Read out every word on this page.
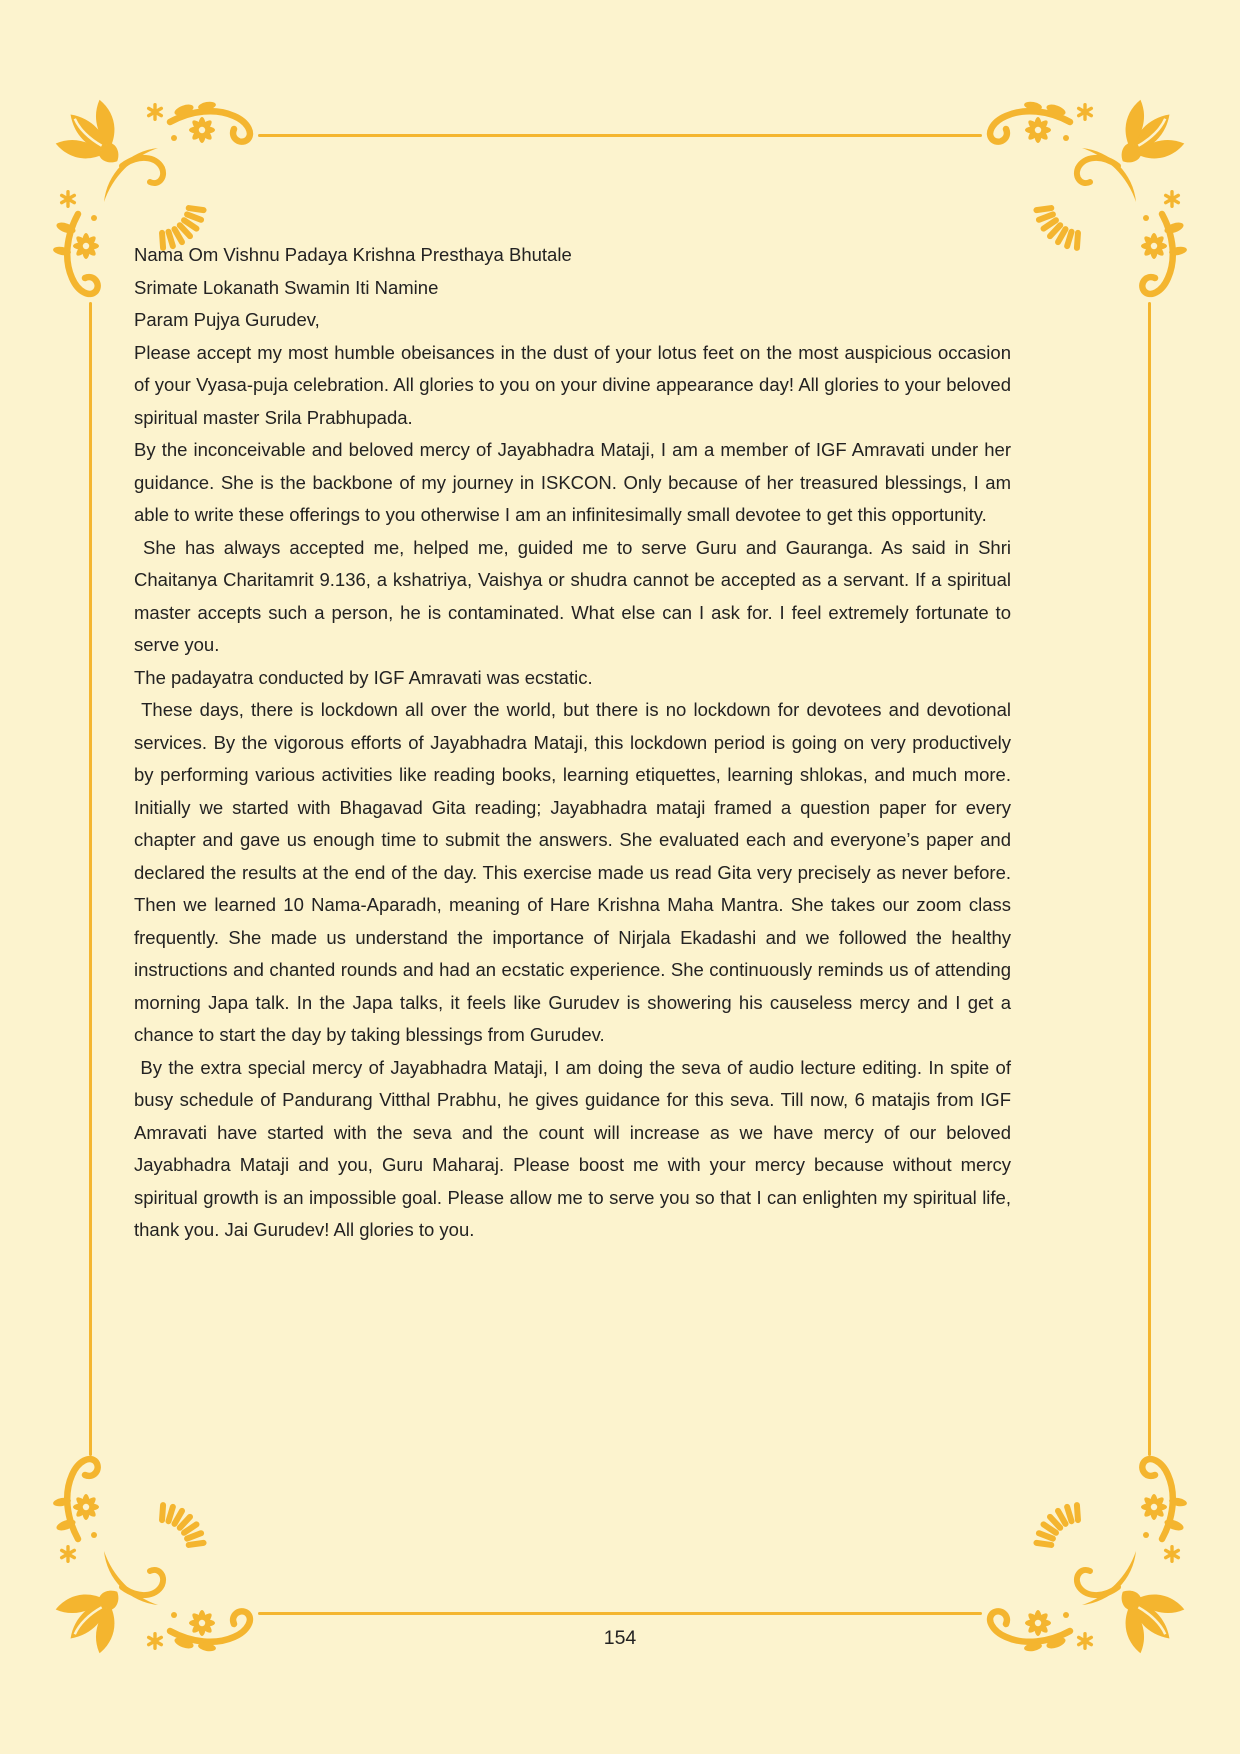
Nama Om Vishnu Padaya Krishna Presthaya Bhutale

Srimate Lokanath Swamin Iti Namine

Param Pujya Gurudev,

Please accept my most humble obeisances in the dust of your lotus feet on the most auspicious occasion of your Vyasa-puja celebration. All glories to you on your divine appearance day! All glories to your beloved spiritual master Srila Prabhupada.

By the inconceivable and beloved mercy of Jayabhadra Mataji, I am a member of IGF Amravati under her guidance. She is the backbone of my journey in ISKCON. Only because of her treasured blessings, I am able to write these offerings to you otherwise I am an infinitesimally small devotee to get this opportunity.

She has always accepted me, helped me, guided me to serve Guru and Gauranga. As said in Shri Chaitanya Charitamrit 9.136, a kshatriya, Vaishya or shudra cannot be accepted as a servant. If a spiritual master accepts such a person, he is contaminated. What else can I ask for. I feel extremely fortunate to serve you.

The padayatra conducted by IGF Amravati was ecstatic.

These days, there is lockdown all over the world, but there is no lockdown for devotees and devotional services. By the vigorous efforts of Jayabhadra Mataji, this lockdown period is going on very productively by performing various activities like reading books, learning etiquettes, learning shlokas, and much more. Initially we started with Bhagavad Gita reading; Jayabhadra mataji framed a question paper for every chapter and gave us enough time to submit the answers. She evaluated each and everyone’s paper and declared the results at the end of the day. This exercise made us read Gita very precisely as never before. Then we learned 10 Nama-Aparadh, meaning of Hare Krishna Maha Mantra. She takes our zoom class frequently. She made us understand the importance of Nirjala Ekadashi and we followed the healthy instructions and chanted rounds and had an ecstatic experience. She continuously reminds us of attending morning Japa talk. In the Japa talks, it feels like Gurudev is showering his causeless mercy and I get a chance to start the day by taking blessings from Gurudev.

By the extra special mercy of Jayabhadra Mataji, I am doing the seva of audio lecture editing. In spite of busy schedule of Pandurang Vitthal Prabhu, he gives guidance for this seva. Till now, 6 matajis from IGF Amravati have started with the seva and the count will increase as we have mercy of our beloved Jayabhadra Mataji and you, Guru Maharaj. Please boost me with your mercy because without mercy spiritual growth is an impossible goal. Please allow me to serve you so that I can enlighten my spiritual life, thank you. Jai Gurudev! All glories to you.

154
